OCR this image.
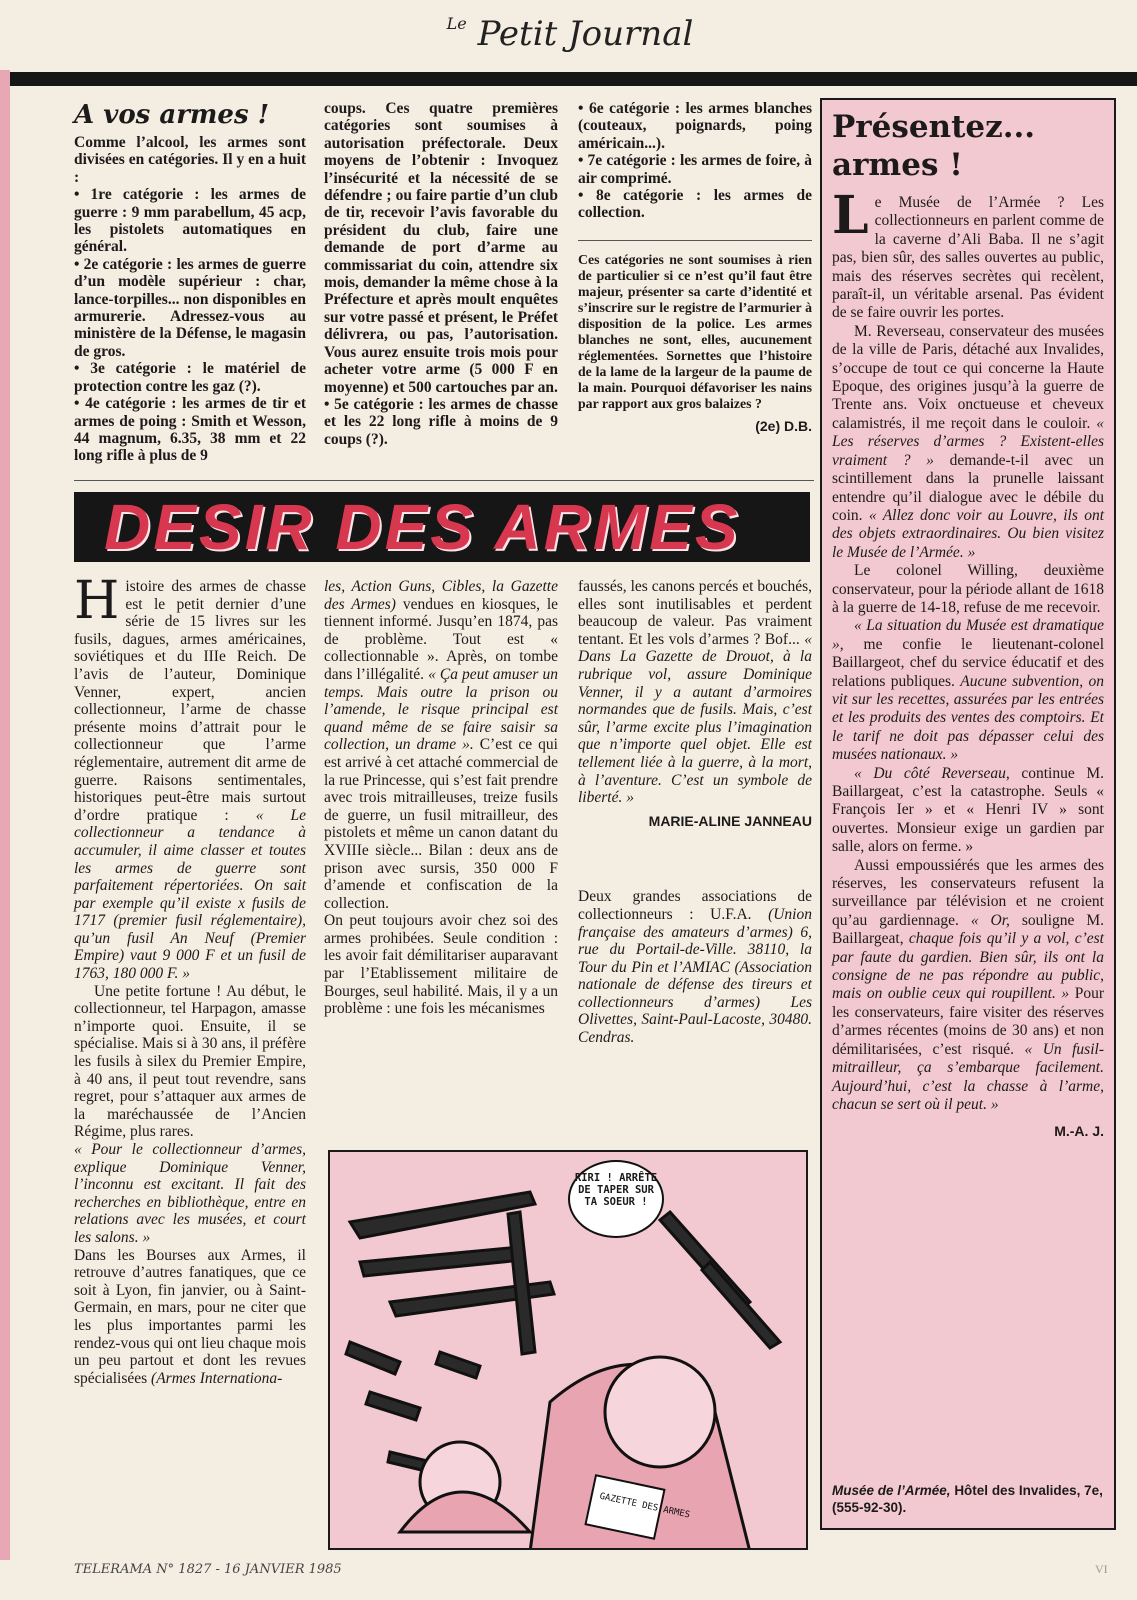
$^{Le}$ Petit Journal
A vos armes !

Comme l’alcool, les armes sont divisées en catégories. Il y en a huit :

• 1re catégorie : les armes de guerre : 9 mm parabellum, 45 acp, les pistolets automatiques en général.

• 2e catégorie : les armes de guerre d’un modèle supérieur : char, lance-torpilles... non disponibles en armurerie. Adressez-vous au ministère de la Défense, le magasin de gros.

• 3e catégorie : le matériel de protection contre les gaz (?).

• 4e catégorie : les armes de tir et armes de poing : Smith et Wesson, 44 magnum, 6.35, 38 mm et 22 long rifle à plus de 9

coups. Ces quatre premières catégories sont soumises à autorisation préfectorale. Deux moyens de l’obtenir : Invoquez l’insécurité et la nécessité de se défendre ; ou faire partie d’un club de tir, recevoir l’avis favorable du président du club, faire une demande de port d’arme au commissariat du coin, attendre six mois, demander la même chose à la Préfecture et après moult enquêtes sur votre passé et présent, le Préfet délivrera, ou pas, l’autorisation. Vous aurez ensuite trois mois pour acheter votre arme (5 000 F en moyenne) et 500 cartouches par an.

• 5e catégorie : les armes de chasse et les 22 long rifle à moins de 9 coups (?).

• 6e catégorie : les armes blanches (couteaux, poignards, poing américain...).

• 7e catégorie : les armes de foire, à air comprimé.

• 8e catégorie : les armes de collection.

Ces catégories ne sont soumises à rien de particulier si ce n’est qu’il faut être majeur, présenter sa carte d’identité et s’inscrire sur le registre de l’armurier à disposition de la police. Les armes blanches ne sont, elles, aucunement réglementées. Sornettes que l’histoire de la lame de la largeur de la paume de la main. Pourquoi défavoriser les nains par rapport aux gros balaizes ?

(2e) D.B.

DESIR DES ARMES

Histoire des armes de chasse est le petit dernier d’une série de 15 livres sur les fusils, dagues, armes américaines, soviétiques et du IIIe Reich. De l’avis de l’auteur, Dominique Venner, expert, ancien collectionneur, l’arme de chasse présente moins d’attrait pour le collectionneur que l’arme réglementaire, autrement dit arme de guerre. Raisons sentimentales, historiques peut-être mais surtout d’ordre pratique : « Le collectionneur a tendance à accumuler, il aime classer et toutes les armes de guerre sont parfaitement répertoriées. On sait par exemple qu’il existe x fusils de 1717 (premier fusil réglementaire), qu’un fusil An Neuf (Premier Empire) vaut 9 000 F et un fusil de 1763, 180 000 F. »

Une petite fortune ! Au début, le collectionneur, tel Harpagon, amasse n’importe quoi. Ensuite, il se spécialise. Mais si à 30 ans, il préfère les fusils à silex du Premier Empire, à 40 ans, il peut tout revendre, sans regret, pour s’attaquer aux armes de la maréchaussée de l’Ancien Régime, plus rares.

« Pour le collectionneur d’armes, explique Dominique Venner, l’inconnu est excitant. Il fait des recherches en bibliothèque, entre en relations avec les musées, et court les salons. »

Dans les Bourses aux Armes, il retrouve d’autres fanatiques, que ce soit à Lyon, fin janvier, ou à Saint-Germain, en mars, pour ne citer que les plus importantes parmi les rendez-vous qui ont lieu chaque mois un peu partout et dont les revues spécialisées (Armes Internationa-

les, Action Guns, Cibles, la Gazette des Armes) vendues en kiosques, le tiennent informé. Jusqu’en 1874, pas de problème. Tout est « collectionnable ». Après, on tombe dans l’illégalité. « Ça peut amuser un temps. Mais outre la prison ou l’amende, le risque principal est quand même de se faire saisir sa collection, un drame ». C’est ce qui est arrivé à cet attaché commercial de la rue Princesse, qui s’est fait prendre avec trois mitrailleuses, treize fusils de guerre, un fusil mitrailleur, des pistolets et même un canon datant du XVIIIe siècle... Bilan : deux ans de prison avec sursis, 350 000 F d’amende et confiscation de la collection.

On peut toujours avoir chez soi des armes prohibées. Seule condition : les avoir fait démilitariser auparavant par l’Etablissement militaire de Bourges, seul habilité. Mais, il y a un problème : une fois les mécanismes

faussés, les canons percés et bouchés, elles sont inutilisables et perdent beaucoup de valeur. Pas vraiment tentant. Et les vols d’armes ? Bof... « Dans La Gazette de Drouot, à la rubrique vol, assure Dominique Venner, il y a autant d’armoires normandes que de fusils. Mais, c’est sûr, l’arme excite plus l’imagination que n’importe quel objet. Elle est tellement liée à la guerre, à la mort, à l’aventure. C’est un symbole de liberté. »

MARIE-ALINE JANNEAU

Deux grandes associations de collectionneurs : U.F.A. (Union française des amateurs d’armes) 6, rue du Portail-de-Ville. 38110, la Tour du Pin et l’AMIAC (Association nationale de défense des tireurs et collectionneurs d’armes) Les Olivettes, Saint-Paul-Lacoste, 30480. Cendras.

GAZETTE DES ARMES
RIRI ! ARRÊTE DE TAPER SUR TA SOEUR !
Présentez... armes !

Le Musée de l’Armée ? Les collectionneurs en parlent comme de la caverne d’Ali Baba. Il ne s’agit pas, bien sûr, des salles ouvertes au public, mais des réserves secrètes qui recèlent, paraît-il, un véritable arsenal. Pas évident de se faire ouvrir les portes.

M. Reverseau, conservateur des musées de la ville de Paris, détaché aux Invalides, s’occupe de tout ce qui concerne la Haute Epoque, des origines jusqu’à la guerre de Trente ans. Voix onctueuse et cheveux calamistrés, il me reçoit dans le couloir. « Les réserves d’armes ? Existent-elles vraiment ? » demande-t-il avec un scintillement dans la prunelle laissant entendre qu’il dialogue avec le débile du coin. « Allez donc voir au Louvre, ils ont des objets extraordinaires. Ou bien visitez le Musée de l’Armée. »

Le colonel Willing, deuxième conservateur, pour la période allant de 1618 à la guerre de 14-18, refuse de me recevoir.

« La situation du Musée est dramatique », me confie le lieutenant-colonel Baillargeot, chef du service éducatif et des relations publiques. Aucune subvention, on vit sur les recettes, assurées par les entrées et les produits des ventes des comptoirs. Et le tarif ne doit pas dépasser celui des musées nationaux. »

« Du côté Reverseau, continue M. Baillargeat, c’est la catastrophe. Seuls « François Ier » et « Henri IV » sont ouvertes. Monsieur exige un gardien par salle, alors on ferme. »

Aussi empoussiérés que les armes des réserves, les conservateurs refusent la surveillance par télévision et ne croient qu’au gardiennage. « Or, souligne M. Baillargeat, chaque fois qu’il y a vol, c’est par faute du gardien. Bien sûr, ils ont la consigne de ne pas répondre au public, mais on oublie ceux qui roupillent. » Pour les conservateurs, faire visiter des réserves d’armes récentes (moins de 30 ans) et non démilitarisées, c’est risqué. « Un fusil-mitrailleur, ça s’embarque facilement. Aujourd’hui, c’est la chasse à l’arme, chacun se sert où il peut. »

M.-A. J.

Musée de l’Armée, Hôtel des Invalides, 7e, (555-92-30).
TELERAMA N° 1827 - 16 JANVIER 1985	VI
